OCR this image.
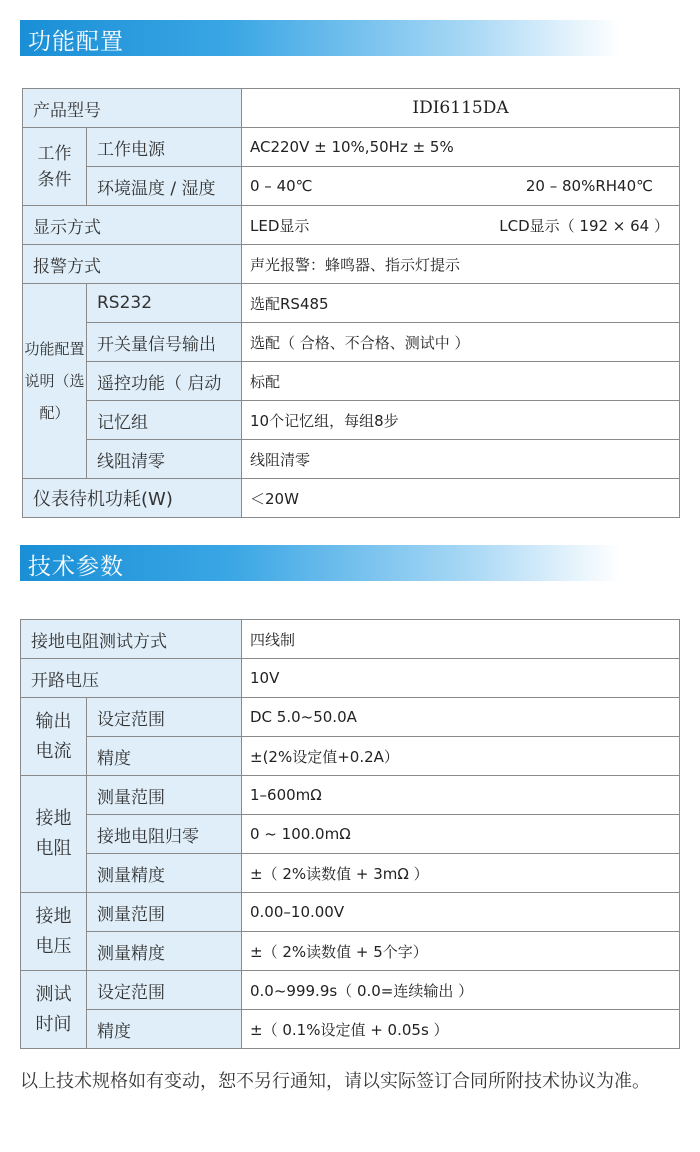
功能配置
产品型号		IDI6115DA

工作条件	工作电源	AC220V ± 10%,50Hz ± 5%
	环境温度 / 湿度	0 – 40℃ 20 – 80%RH40℃

显示方式		LED显示 LCD显示（ 192 × 64 ）

报警方式		声光报警：蜂鸣器、指示灯提示

功能配置说明（选配）	RS232	选配RS485
	开关量信号输出	选配（ 合格、不合格、测试中 ）
	遥控功能（ 启动	标配
	记忆组	10个记忆组，每组8步
	线阻清零	线阻清零
仪表待机功耗(W)		＜20W
技术参数
接地电阻测试方式		四线制
开路电压		10V

输出电流	设定范围	DC 5.0~50.0A
	精度	±(2%设定值+0.2A）

接地电阻	测量范围	1–600mΩ
	接地电阻归零	0 ~ 100.0mΩ
	测量精度	±（ 2%读数值 + 3mΩ ）

接地电压	测量范围	0.00–10.00V
	测量精度	±（ 2%读数值 + 5个字）

测试时间	设定范围	0.0~999.9s（ 0.0=连续输出 ）
	精度	±（ 0.1%设定值 + 0.05s ）
以上技术规格如有变动，恕不另行通知，请以实际签订合同所附技术协议为准。
